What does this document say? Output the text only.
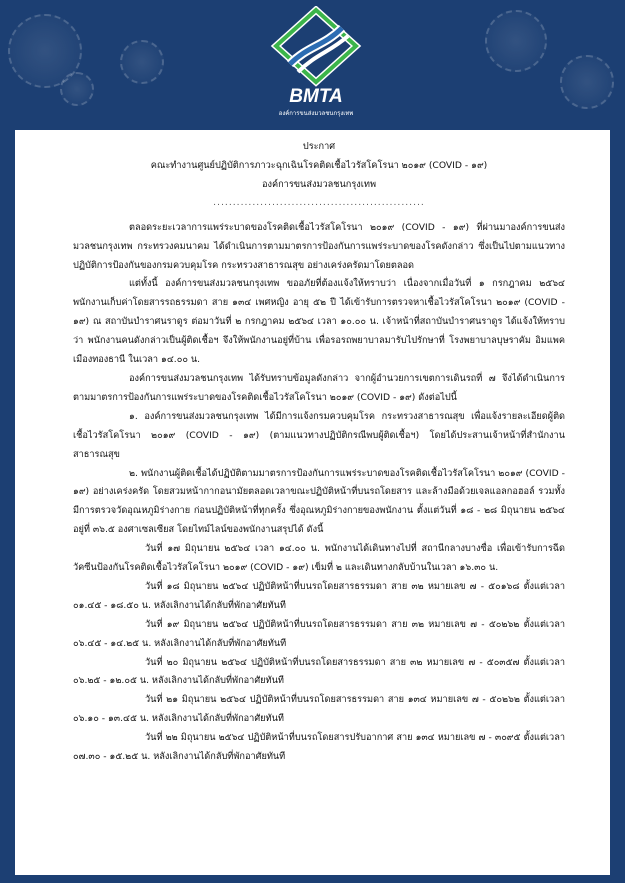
BMTA
องค์การขนส่งมวลชนกรุงเทพ
ประกาศ
คณะทำงานศูนย์ปฏิบัติการภาวะฉุกเฉินโรคติดเชื้อไวรัสโคโรนา ๒๐๑๙ (COVID - ๑๙)
องค์การขนส่งมวลชนกรุงเทพ
......................................................
ตลอดระยะเวลาการแพร่ระบาดของโรคติดเชื้อไวรัสโคโรนา ๒๐๑๙ (COVID - ๑๙) ที่ผ่านมาองค์การขนส่งมวลชนกรุงเทพ กระทรวงคมนาคม ได้ดำเนินการตามมาตรการป้องกันการแพร่ระบาดของโรคดังกล่าว ซึ่งเป็นไปตามแนวทางปฏิบัติการป้องกันของกรมควบคุมโรค กระทรวงสาธารณสุข อย่างเคร่งครัดมาโดยตลอด
แต่ทั้งนี้ องค์การขนส่งมวลชนกรุงเทพ ขออภัยที่ต้องแจ้งให้ทราบว่า เนื่องจากเมื่อวันที่ ๑ กรกฎาคม ๒๕๖๔ พนักงานเก็บค่าโดยสารรถธรรมดา สาย ๑๓๔ เพศหญิง อายุ ๕๒ ปี ได้เข้ารับการตรวจหาเชื้อไวรัสโคโรนา ๒๐๑๙ (COVID - ๑๙) ณ สถาบันบำราศนราดูร ต่อมาวันที่ ๒ กรกฎาคม ๒๕๖๔ เวลา ๑๐.๐๐ น. เจ้าหน้าที่สถาบันบำราศนราดูร ได้แจ้งให้ทราบว่า พนักงานคนดังกล่าวเป็นผู้ติดเชื้อฯ จึงให้พนักงานอยู่ที่บ้าน เพื่อรอรถพยาบาลมารับไปรักษาที่ โรงพยาบาลบุษราคัม อิมแพค เมืองทองธานี ในเวลา ๑๔.๐๐ น.
องค์การขนส่งมวลชนกรุงเทพ ได้รับทราบข้อมูลดังกล่าว จากผู้อำนวยการเขตการเดินรถที่ ๗ จึงได้ดำเนินการตามมาตรการป้องกันการแพร่ระบาดของโรคติดเชื้อไวรัสโคโรนา ๒๐๑๙ (COVID - ๑๙) ดังต่อไปนี้
๑. องค์การขนส่งมวลชนกรุงเทพ ได้มีการแจ้งกรมควบคุมโรค กระทรวงสาธารณสุข เพื่อแจ้งรายละเอียดผู้ติดเชื้อไวรัสโคโรนา ๒๐๑๙ (COVID - ๑๙) (ตามแนวทางปฏิบัติกรณีพบผู้ติดเชื้อฯ) โดยได้ประสานเจ้าหน้าที่สำนักงานสาธารณสุข
๒. พนักงานผู้ติดเชื้อได้ปฏิบัติตามมาตรการป้องกันการแพร่ระบาดของโรคติดเชื้อไวรัสโคโรนา ๒๐๑๙ (COVID - ๑๙) อย่างเคร่งครัด โดยสวมหน้ากากอนามัยตลอดเวลาขณะปฏิบัติหน้าที่บนรถโดยสาร และล้างมือด้วยเจลแอลกอฮอล์ รวมทั้ง มีการตรวจวัดอุณหภูมิร่างกาย ก่อนปฏิบัติหน้าที่ทุกครั้ง ซึ่งอุณหภูมิร่างกายของพนักงาน ตั้งแต่วันที่ ๑๘ - ๒๘ มิถุนายน ๒๕๖๔ อยู่ที่ ๓๖.๕ องศาเซลเซียส โดยไทม์ไลน์ของพนักงานสรุปได้ ดังนี้
วันที่ ๑๗ มิถุนายน ๒๕๖๔ เวลา ๑๔.๐๐ น. พนักงานได้เดินทางไปที่ สถานีกลางบางซื่อ เพื่อเข้ารับการฉีดวัคซีนป้องกันโรคติดเชื้อไวรัสโคโรนา ๒๐๑๙ (COVID - ๑๙) เข็มที่ ๒ และเดินทางกลับบ้านในเวลา ๑๖.๓๐ น.
วันที่ ๑๘ มิถุนายน ๒๕๖๔ ปฏิบัติหน้าที่บนรถโดยสารธรรมดา สาย ๓๒ หมายเลข ๗ - ๕๐๑๖๘ ตั้งแต่เวลา ๐๑.๔๕ - ๑๘.๕๐ น. หลังเลิกงานได้กลับที่พักอาศัยทันที
วันที่ ๑๙ มิถุนายน ๒๕๖๔ ปฏิบัติหน้าที่บนรถโดยสารธรรมดา สาย ๓๒ หมายเลข ๗ - ๕๐๒๖๒ ตั้งแต่เวลา ๐๖.๔๕ - ๑๔.๒๕ น. หลังเลิกงานได้กลับที่พักอาศัยทันที
วันที่ ๒๐ มิถุนายน ๒๕๖๔ ปฏิบัติหน้าที่บนรถโดยสารธรรมดา สาย ๓๒ หมายเลข ๗ - ๕๐๓๕๗ ตั้งแต่เวลา ๐๖.๒๕ - ๑๒.๐๕ น. หลังเลิกงานได้กลับที่พักอาศัยทันที
วันที่ ๒๑ มิถุนายน ๒๕๖๔ ปฏิบัติหน้าที่บนรถโดยสารธรรมดา สาย ๑๓๔ หมายเลข ๗ - ๕๐๒๖๒ ตั้งแต่เวลา ๐๖.๑๐ - ๑๓.๔๕ น. หลังเลิกงานได้กลับที่พักอาศัยทันที
วันที่ ๒๒ มิถุนายน ๒๕๖๔ ปฏิบัติหน้าที่บนรถโดยสารปรับอากาศ สาย ๑๓๔ หมายเลข ๗ - ๓๐๙๕ ตั้งแต่เวลา ๐๗.๓๐ - ๑๕.๒๕ น. หลังเลิกงานได้กลับที่พักอาศัยทันที
